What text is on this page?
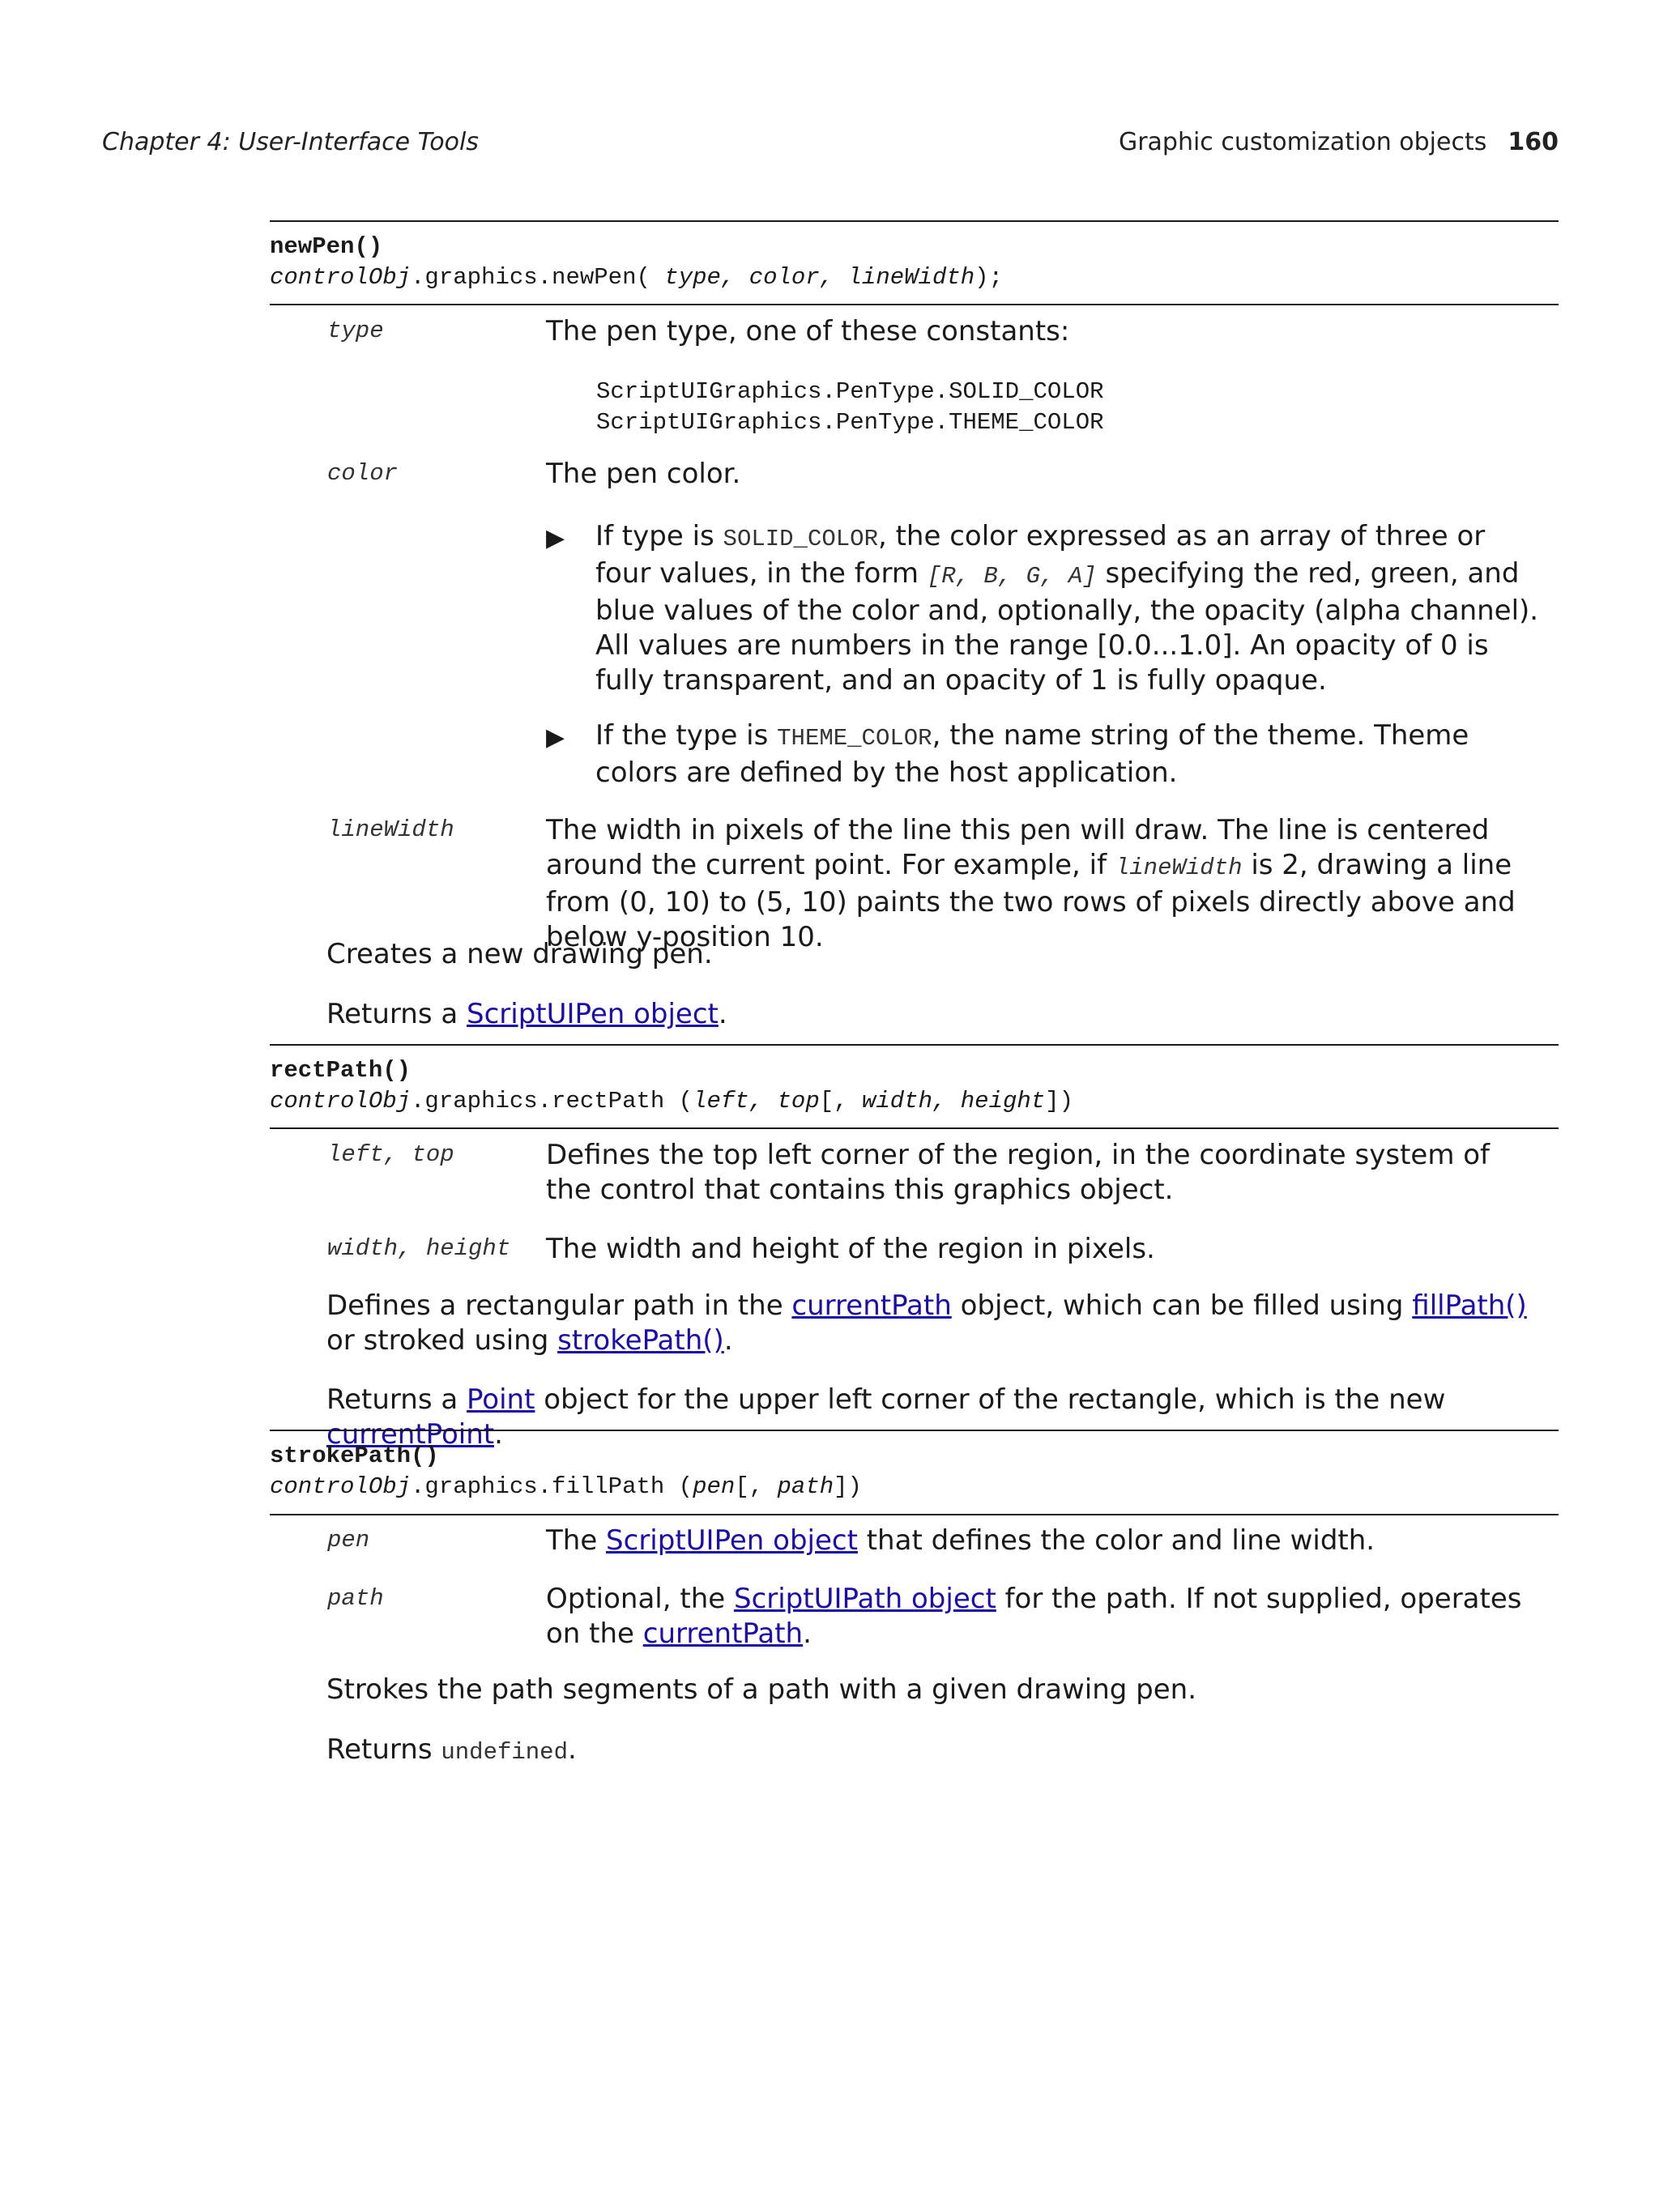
Chapter 4: User-Interface Tools	Graphic customization objects 160
newPen()
controlObj.graphics.newPen( type, color, lineWidth);
type	The pen type, one of these constants:
ScriptUIGraphics.PenType.SOLID_COLOR
ScriptUIGraphics.PenType.THEME_COLOR
color	The pen color.
▶ If type is SOLID_COLOR, the color expressed as an array of three or four values, in the form [R, B, G, A] specifying the red, green, and blue values of the color and, optionally, the opacity (alpha channel). All values are numbers in the range [0.0...1.0]. An opacity of 0 is fully transparent, and an opacity of 1 is fully opaque.
▶ If the type is THEME_COLOR, the name string of the theme. Theme colors are defined by the host application.
lineWidth	The width in pixels of the line this pen will draw. The line is centered around the current point. For example, if lineWidth is 2, drawing a line from (0, 10) to (5, 10) paints the two rows of pixels directly above and below y-position 10.
Creates a new drawing pen.
Returns a ScriptUIPen object.
rectPath()
controlObj.graphics.rectPath (left, top[, width, height])
left, top	Defines the top left corner of the region, in the coordinate system of the control that contains this graphics object.
width, height The width and height of the region in pixels.
Defines a rectangular path in the currentPath object, which can be filled using fillPath() or stroked using strokePath().
Returns a Point object for the upper left corner of the rectangle, which is the new currentPoint.
strokePath()
controlObj.graphics.fillPath (pen[, path])
pen	The ScriptUIPen object that defines the color and line width.
path	Optional, the ScriptUIPath object for the path. If not supplied, operates on the currentPath.
Strokes the path segments of a path with a given drawing pen.
Returns undefined.
